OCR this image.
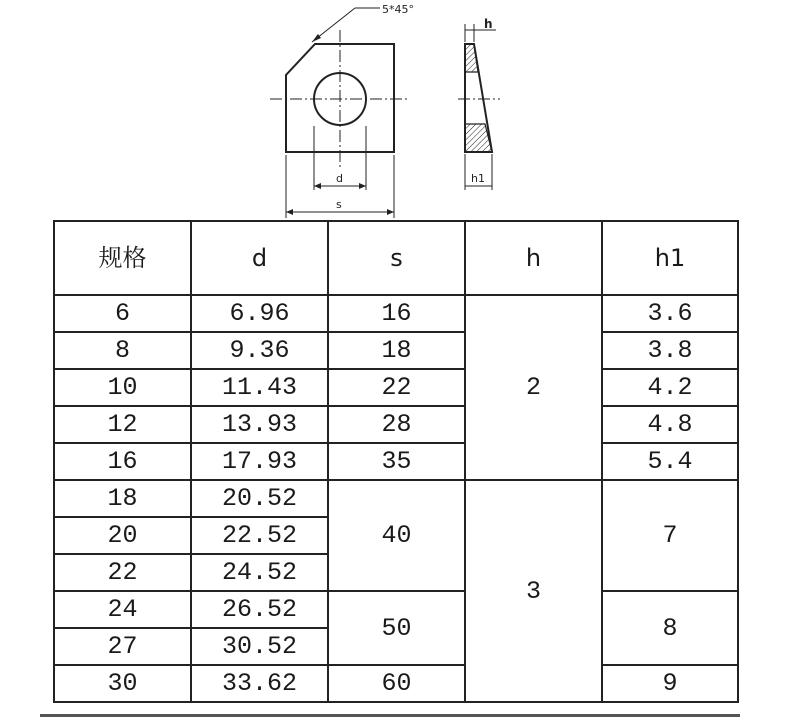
5*45°
d
s
h
h1
规格	d	s	h	h1
6	6.96	16	2	3.6
8	9.36	18		3.8
10	11.43	22		4.2
12	13.93	28		4.8
16	17.93	35		5.4
18	20.52	40	3	7
20	22.52			
22	24.52			
24	26.52	50		8
27	30.52			
30	33.62	60		9
